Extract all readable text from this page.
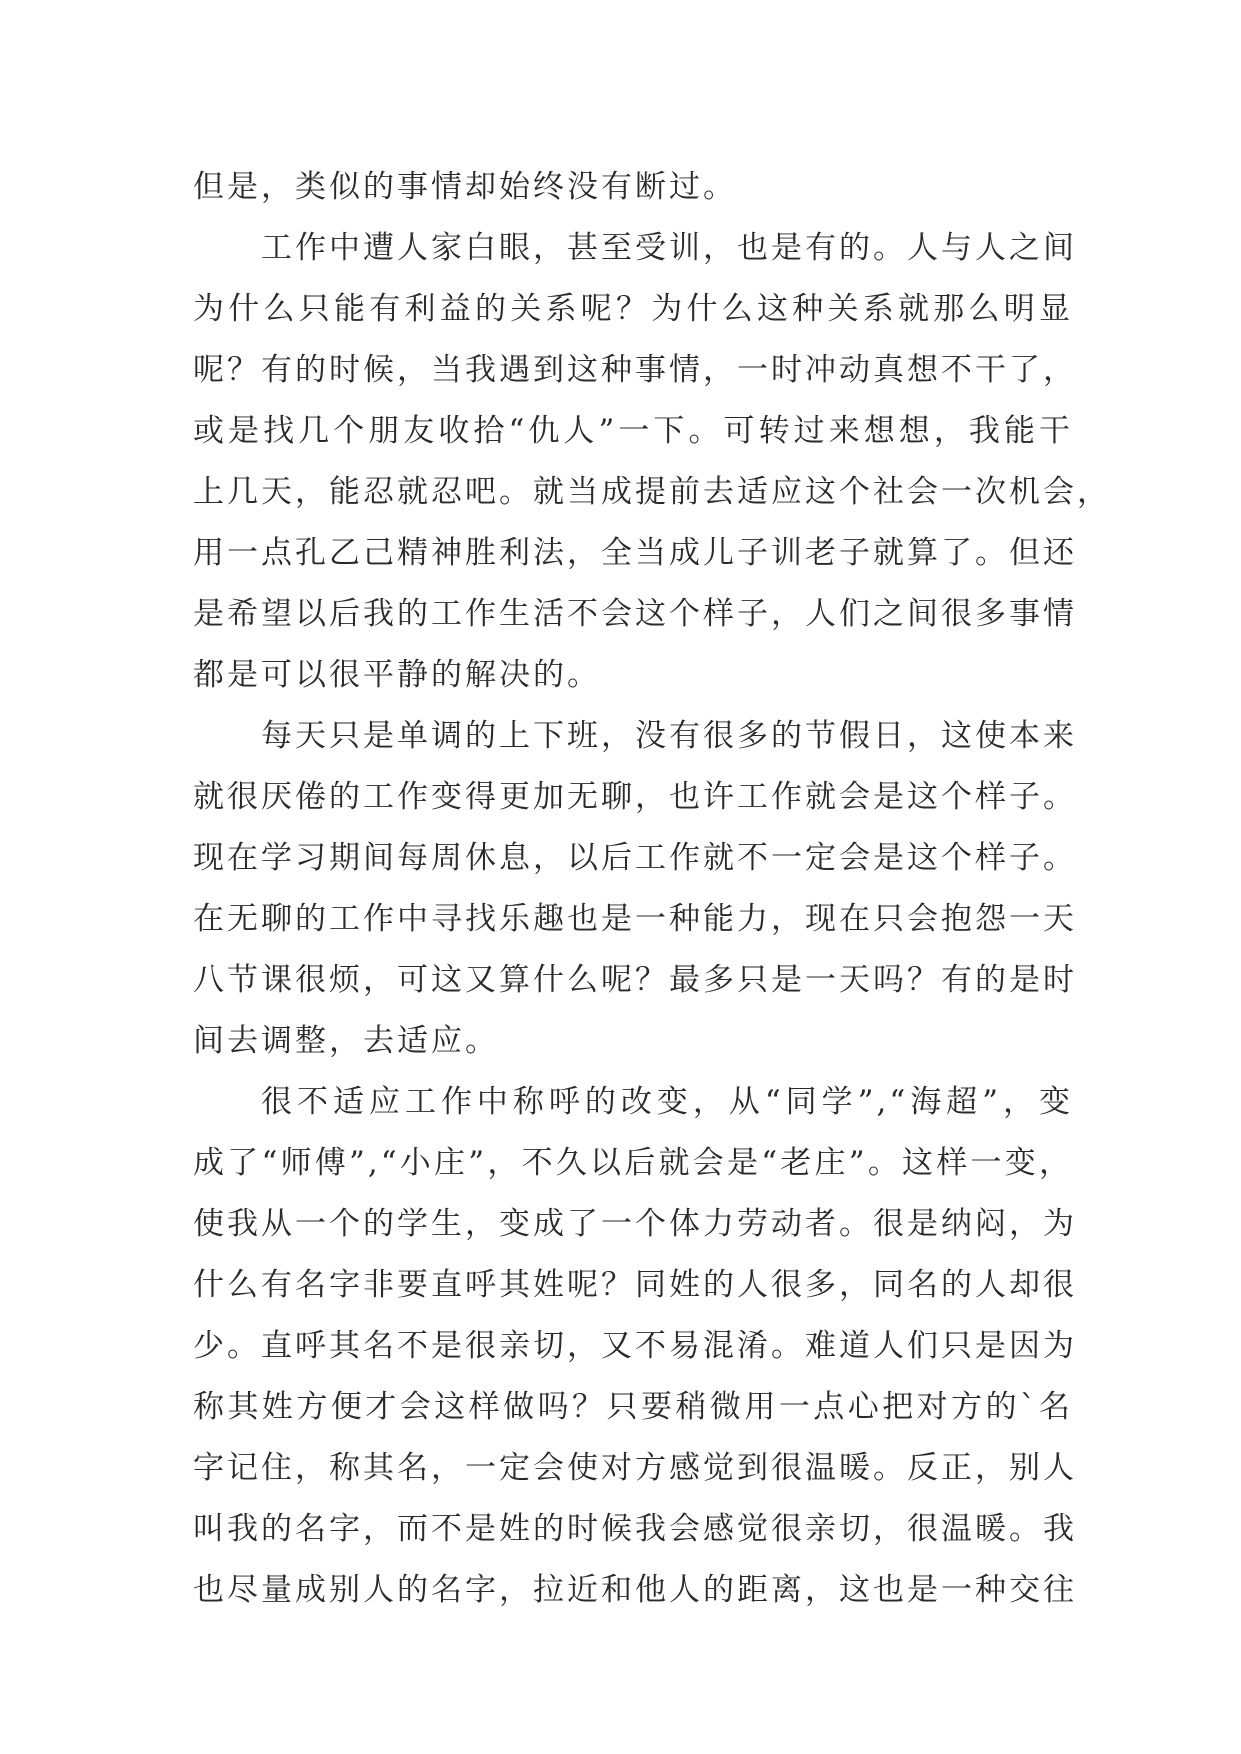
但是，类似的事情却始终没有断过。
工作中遭人家白眼，甚至受训，也是有的。人与人之间
为什么只能有利益的关系呢？为什么这种关系就那么明显
呢？有的时候，当我遇到这种事情，一时冲动真想不干了，
或是找几个朋友收拾“仇人”一下。可转过来想想，我能干
上几天，能忍就忍吧。就当成提前去适应这个社会一次机会，
用一点孔乙己精神胜利法，全当成儿子训老子就算了。但还
是希望以后我的工作生活不会这个样子，人们之间很多事情
都是可以很平静的解决的。
每天只是单调的上下班，没有很多的节假日，这使本来
就很厌倦的工作变得更加无聊，也许工作就会是这个样子。
现在学习期间每周休息，以后工作就不一定会是这个样子。
在无聊的工作中寻找乐趣也是一种能力，现在只会抱怨一天
八节课很烦，可这又算什么呢？最多只是一天吗？有的是时
间去调整，去适应。
很不适应工作中称呼的改变，从“同学”,“海超”，变
成了“师傅”,“小庄”，不久以后就会是“老庄”。这样一变，
使我从一个的学生，变成了一个体力劳动者。很是纳闷，为
什么有名字非要直呼其姓呢？同姓的人很多，同名的人却很
少。直呼其名不是很亲切，又不易混淆。难道人们只是因为
称其姓方便才会这样做吗？只要稍微用一点心把对方的`名
字记住，称其名，一定会使对方感觉到很温暖。反正，别人
叫我的名字，而不是姓的时候我会感觉很亲切，很温暖。我
也尽量成别人的名字，拉近和他人的距离，这也是一种交往
